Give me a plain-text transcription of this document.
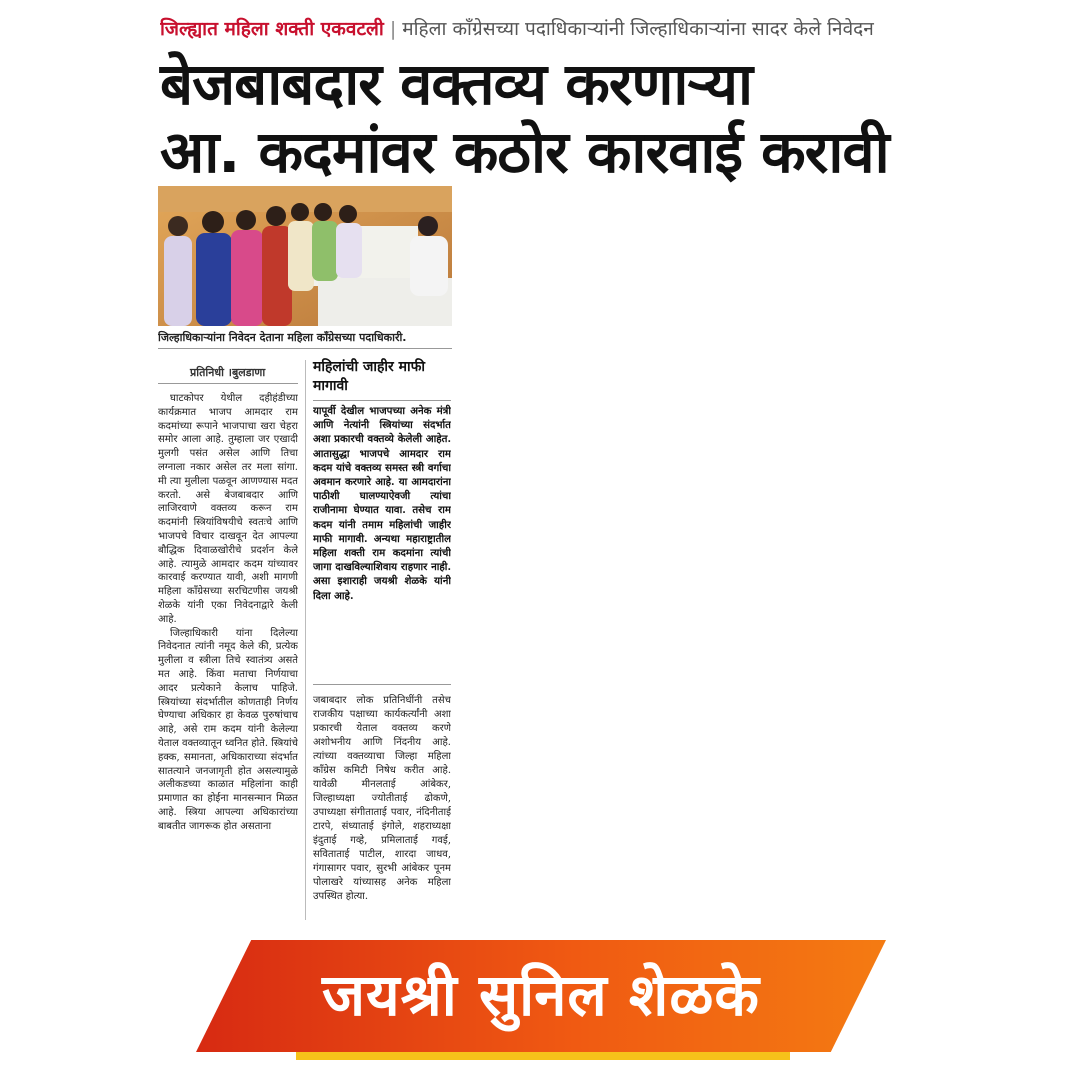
जिल्ह्यात महिला शक्ती एकवटली | महिला काँग्रेसच्या पदाधिकाऱ्यांनी जिल्हाधिकाऱ्यांना सादर केले निवेदन
बेजबाबदार वक्तव्य करणाऱ्या
आ. कदमांवर कठोर कारवाई करावी
जिल्हाधिकाऱ्यांना निवेदन देताना महिला काँग्रेसच्या पदाधिकारी.
प्रतिनिधी ।बुलडाणा

घाटकोपर येथील दहीहंडीच्या कार्यक्रमात भाजप आमदार राम कदमांच्या रूपाने भाजपाचा खरा चेहरा समोर आला आहे. तुम्हाला जर एखादी मुलगी पसंत असेल आणि तिचा लग्नाला नकार असेल तर मला सांगा. मी त्या मुलीला पळवून आणण्यास मदत करतो. असे बेजबाबदार आणि लाजिरवाणे वक्तव्य करून राम कदमांनी स्त्रियांविषयीचे स्वतःचे आणि भाजपचे विचार दाखवून देत आपल्या बौद्धिक दिवाळखोरीचे प्रदर्शन केले आहे. त्यामुळे आमदार कदम यांच्यावर कारवाई करण्यात यावी, अशी मागणी महिला काँग्रेसच्या सरचिटणीस जयश्री शेळके यांनी एका निवेदनाद्वारे केली आहे.

जिल्हाधिकारी यांना दिलेल्या निवेदनात त्यांनी नमूद केले की, प्रत्येक मुलीला व स्त्रीला तिचे स्वातंत्र्य असते मत आहे. किंवा मताचा निर्णयाचा आदर प्रत्येकाने केलाच पाहिजे. स्त्रियांच्या संदर्भातील कोणताही निर्णय घेण्याचा अधिकार हा केवळ पुरुषांचाच आहे, असे राम कदम यांनी केलेल्या येताल वक्तव्यातून ध्वनित होते. स्त्रियांचे हक्क, समानता, अधिकाराच्या संदर्भात सातत्याने जनजागृती होत असल्यामुळे अलीकडच्या काळात महिलांना काही प्रमाणात का होईना मानसन्मान मिळत आहे. स्त्रिया आपल्या अधिकारांच्या बाबतीत जागरूक होत असताना

महिलांची जाहीर माफी मागावी
यापूर्वी देखील भाजपच्या अनेक मंत्री आणि नेत्यांनी स्त्रियांच्या संदर्भात अशा प्रकारची वक्तव्ये केलेली आहेत. आतासुद्धा भाजपचे आमदार राम कदम यांचे वक्तव्य समस्त स्त्री वर्गाचा अवमान करणारे आहे. या आमदारांना पाठीशी घालण्याऐवजी त्यांचा राजीनामा घेण्यात यावा. तसेच राम कदम यांनी तमाम महिलांची जाहीर माफी मागावी. अन्यथा महाराष्ट्रातील महिला शक्ती राम कदमांना त्यांची जागा दाखविल्याशिवाय राहणार नाही. असा इशाराही जयश्री शेळके यांनी दिला आहे.
जबाबदार लोक प्रतिनिधींनी तसेच राजकीय पक्षाच्या कार्यकर्त्यांनी अशा प्रकारची येताल वक्तव्य करणे अशोभनीय आणि निंदनीय आहे. त्यांच्या वक्तव्याचा जिल्हा महिला काँग्रेस कमिटी निषेध करीत आहे. यावेळी मीनलताई आंबेकर, जिल्हाध्यक्षा ज्योतीताई ढोकणे, उपाध्यक्षा संगीताताई पवार, नंदिनीताई टारपे, संध्याताई इंगोले, शहराध्यक्षा इंदुताई गव्हे, प्रमिलाताई गवई, सविताताई पाटील, शारदा जाधव, गंगासागर पवार, सुरभी आंबेकर पूनम पोलाखरे यांच्यासह अनेक महिला उपस्थित होत्या.
जयश्री सुनिल शेळके
